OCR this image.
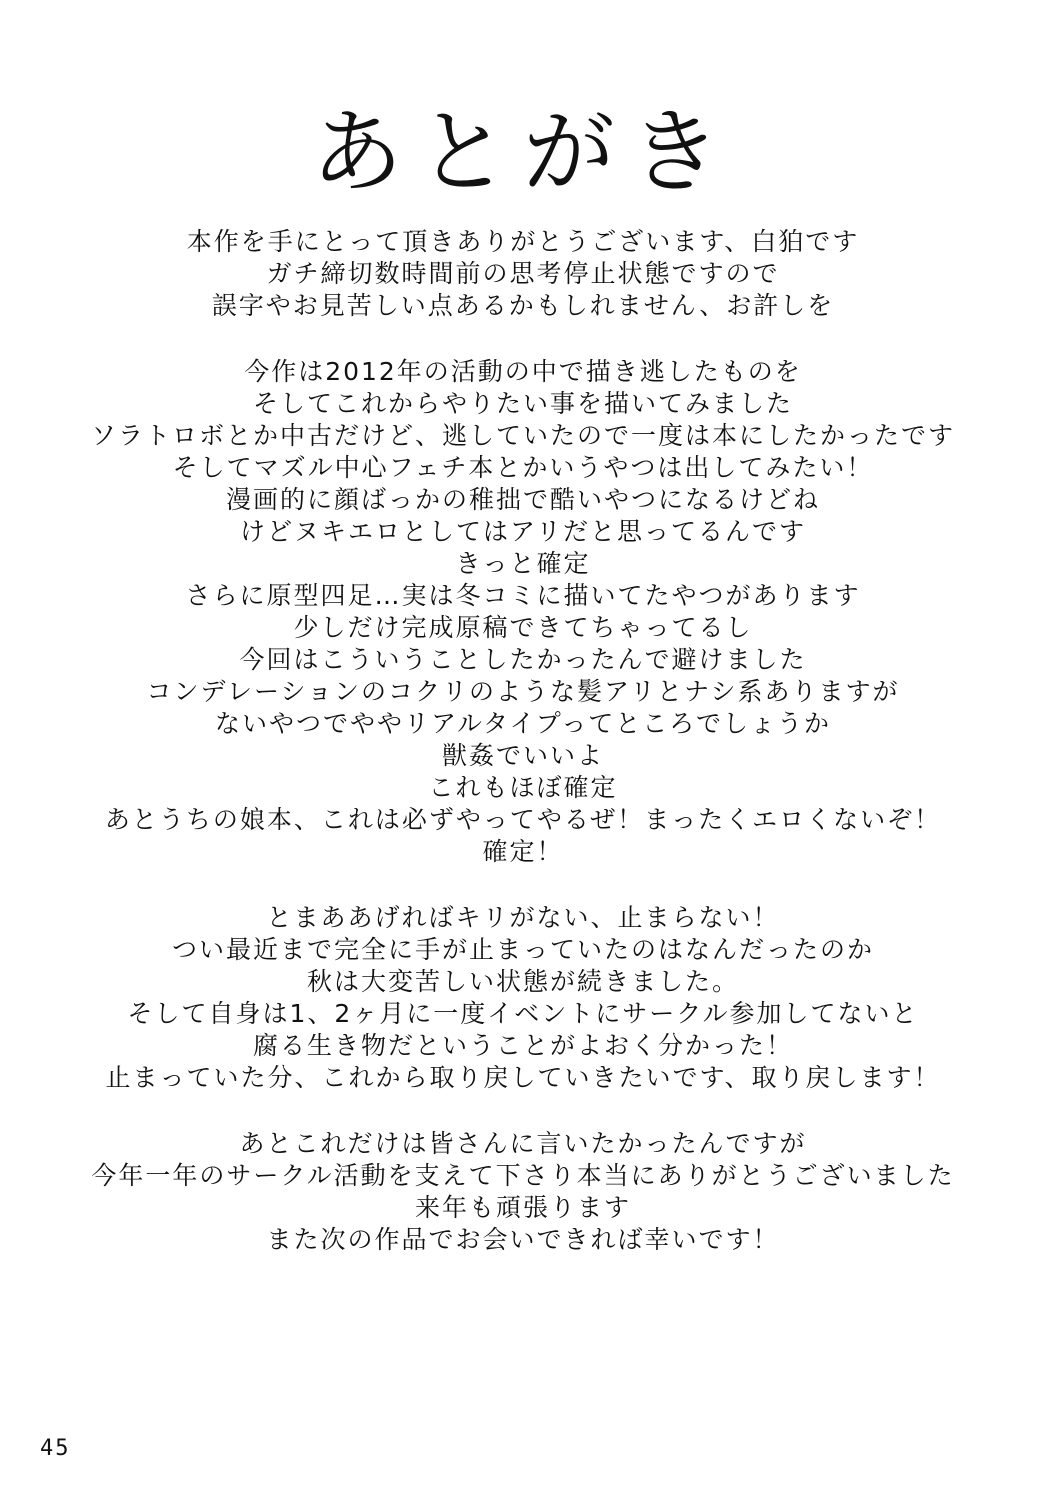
あとがき
本作を手にとって頂きありがとうございます、白狛です
ガチ締切数時間前の思考停止状態ですので
誤字やお見苦しい点あるかもしれません、お許しを
今作は2012年の活動の中で描き逃したものを
そしてこれからやりたい事を描いてみました
ソラトロボとか中古だけど、逃していたので一度は本にしたかったです
そしてマズル中心フェチ本とかいうやつは出してみたい！
漫画的に顔ばっかの稚拙で酷いやつになるけどね
けどヌキエロとしてはアリだと思ってるんです
きっと確定
さらに原型四足…実は冬コミに描いてたやつがあります
少しだけ完成原稿できてちゃってるし
今回はこういうことしたかったんで避けました
コンデレーションのコクリのような髪アリとナシ系ありますが
ないやつでややリアルタイプってところでしょうか
獣姦でいいよ
これもほぼ確定
あとうちの娘本、これは必ずやってやるぜ！まったくエロくないぞ！
確定！
とまああげればキリがない、止まらない！
つい最近まで完全に手が止まっていたのはなんだったのか
秋は大変苦しい状態が続きました。
そして自身は1、2ヶ月に一度イベントにサークル参加してないと
腐る生き物だということがよおく分かった！
止まっていた分、これから取り戻していきたいです、取り戻します！
あとこれだけは皆さんに言いたかったんですが
今年一年のサークル活動を支えて下さり本当にありがとうございました
来年も頑張ります
また次の作品でお会いできれば幸いです！
45
